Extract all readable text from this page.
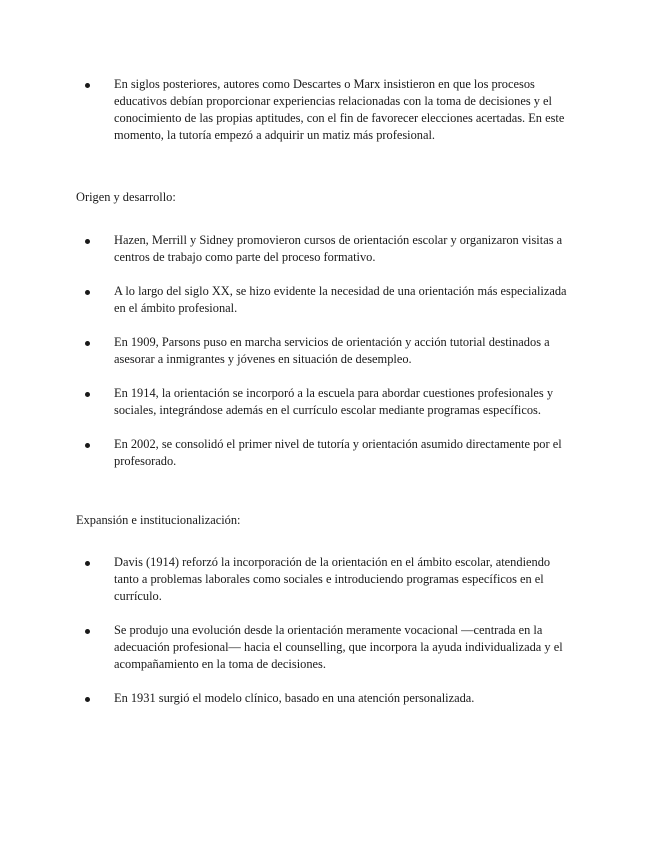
En siglos posteriores, autores como Descartes o Marx insistieron en que los procesos educativos debían proporcionar experiencias relacionadas con la toma de decisiones y el conocimiento de las propias aptitudes, con el fin de favorecer elecciones acertadas. En este momento, la tutoría empezó a adquirir un matiz más profesional.

Origen y desarrollo:

Hazen, Merrill y Sidney promovieron cursos de orientación escolar y organizaron visitas a centros de trabajo como parte del proceso formativo.
A lo largo del siglo XX, se hizo evidente la necesidad de una orientación más especializada en el ámbito profesional.
En 1909, Parsons puso en marcha servicios de orientación y acción tutorial destinados a asesorar a inmigrantes y jóvenes en situación de desempleo.
En 1914, la orientación se incorporó a la escuela para abordar cuestiones profesionales y sociales, integrándose además en el currículo escolar mediante programas específicos.
En 2002, se consolidó el primer nivel de tutoría y orientación asumido directamente por el profesorado.

Expansión e institucionalización:

Davis (1914) reforzó la incorporación de la orientación en el ámbito escolar, atendiendo tanto a problemas laborales como sociales e introduciendo programas específicos en el currículo.
Se produjo una evolución desde la orientación meramente vocacional —centrada en la adecuación profesional— hacia el counselling, que incorpora la ayuda individualizada y el acompañamiento en la toma de decisiones.
En 1931 surgió el modelo clínico, basado en una atención personalizada.
